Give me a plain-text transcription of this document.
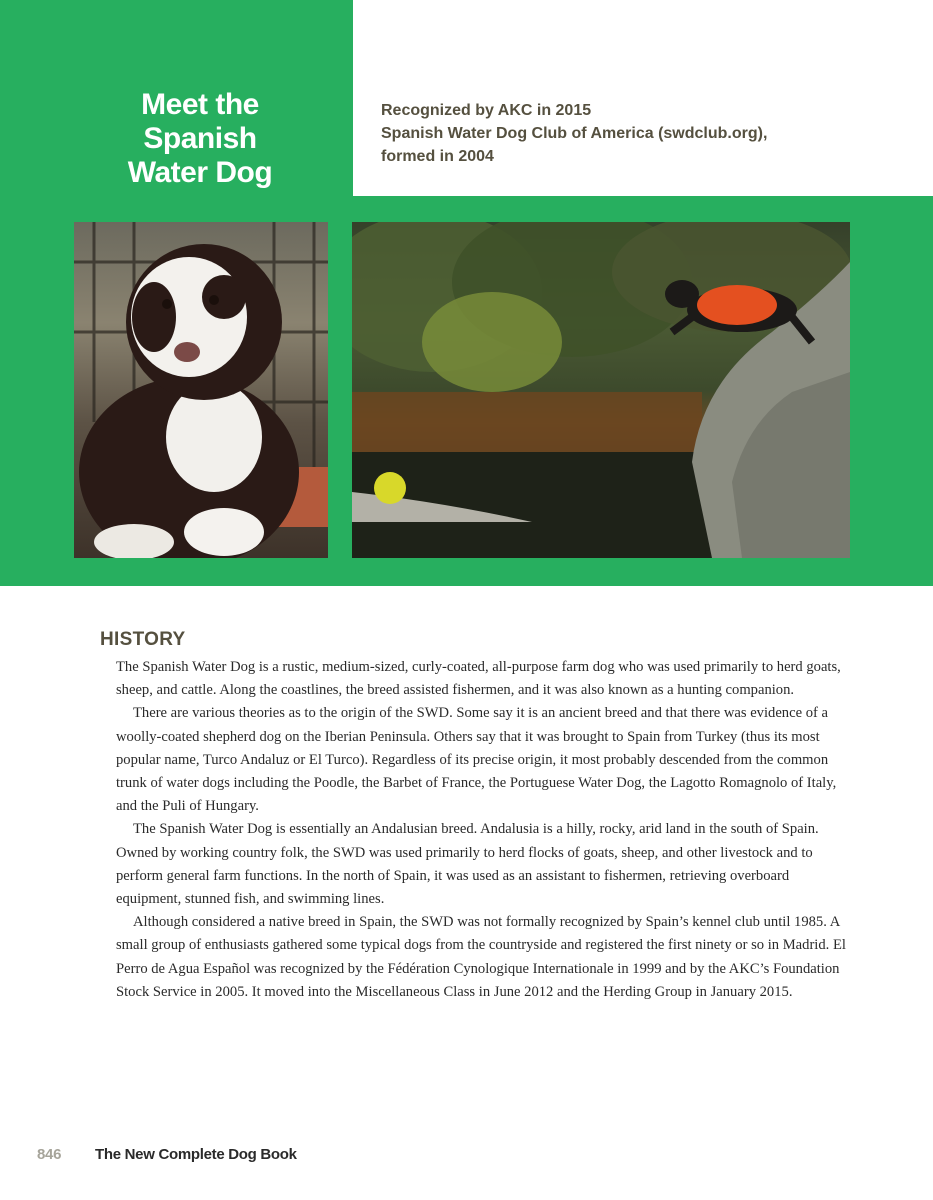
Meet the
Spanish
Water Dog
Recognized by AKC in 2015
Spanish Water Dog Club of America (swdclub.org),
formed in 2004
HISTORY

The Spanish Water Dog is a rustic, medium-sized, curly-coated, all-purpose farm dog who was used primarily to herd goats, sheep, and cattle. Along the coastlines, the breed assisted fishermen, and it was also known as a hunting companion.

There are various theories as to the origin of the SWD. Some say it is an ancient breed and that there was evidence of a woolly-coated shepherd dog on the Iberian Peninsula. Others say that it was brought to Spain from Turkey (thus its most popular name, Turco Andaluz or El Turco). Regardless of its precise origin, it most probably descended from the common trunk of water dogs including the Poodle, the Barbet of France, the Portuguese Water Dog, the Lagotto Romagnolo of Italy, and the Puli of Hungary.

The Spanish Water Dog is essentially an Andalusian breed. Andalusia is a hilly, rocky, arid land in the south of Spain. Owned by working country folk, the SWD was used primarily to herd flocks of goats, sheep, and other livestock and to perform general farm functions. In the north of Spain, it was used as an assistant to fishermen, retrieving overboard equipment, stunned fish, and swimming lines.

Although considered a native breed in Spain, the SWD was not formally recognized by Spain’s kennel club until 1985. A small group of enthusiasts gathered some typical dogs from the countryside and registered the first ninety or so in Madrid. El Perro de Agua Español was recognized by the Fédération Cynologique Internationale in 1999 and by the AKC’s Foundation Stock Service in 2005. It moved into the Miscellaneous Class in June 2012 and the Herding Group in January 2015.

846 The New Complete Dog Book
